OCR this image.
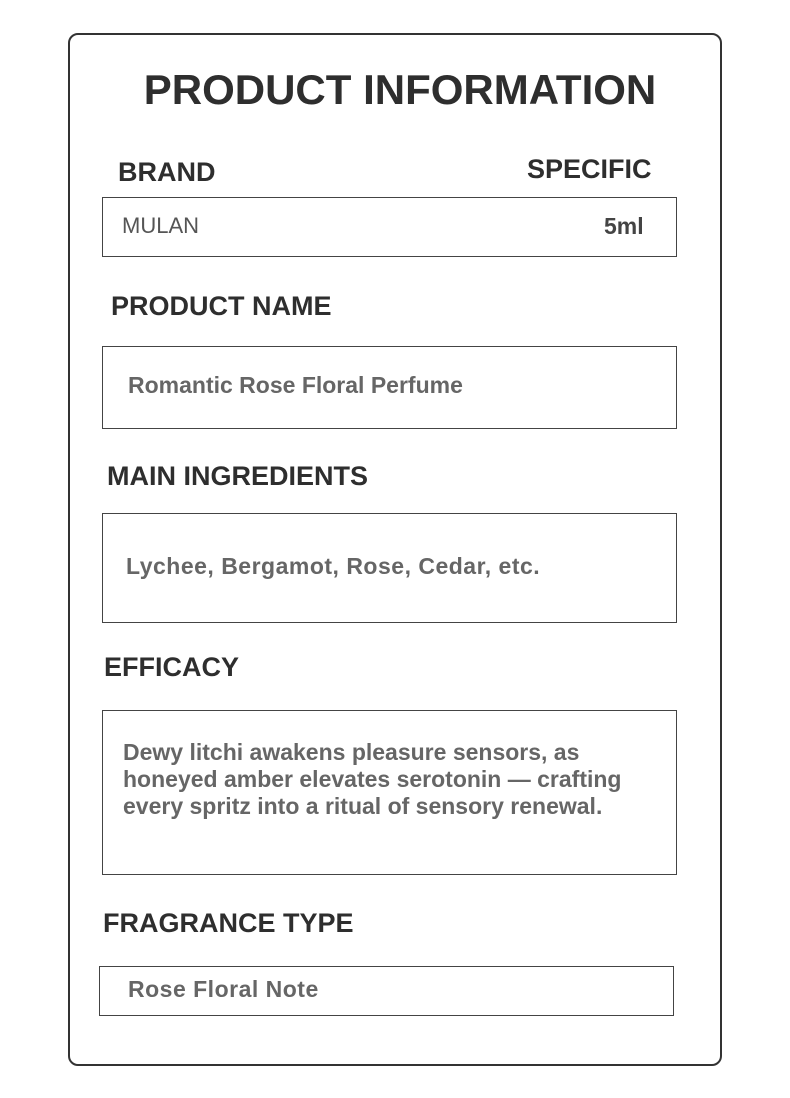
PRODUCT INFORMATION
BRAND	SPECIFIC
MULAN	5ml
PRODUCT NAME
Romantic Rose Floral Perfume
MAIN INGREDIENTS
Lychee, Bergamot, Rose, Cedar, etc.
EFFICACY
Dewy litchi awakens pleasure sensors, as honeyed amber elevates serotonin — crafting every spritz into a ritual of sensory renewal.
FRAGRANCE TYPE
Rose Floral Note
